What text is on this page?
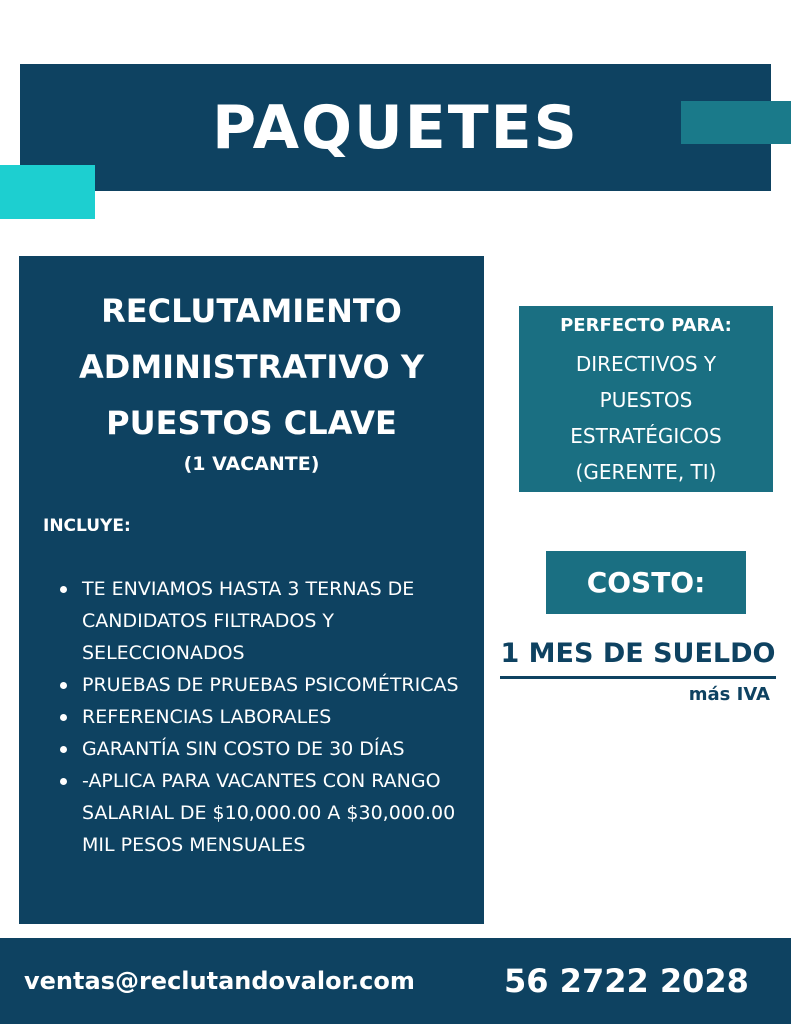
PAQUETES
RECLUTAMIENTO
ADMINISTRATIVO Y
PUESTOS CLAVE
(1 VACANTE)
INCLUYE:
TE ENVIAMOS HASTA 3 TERNAS DE CANDIDATOS FILTRADOS Y SELECCIONADOS
PRUEBAS DE PRUEBAS PSICOMÉTRICAS
REFERENCIAS LABORALES
GARANTÍA SIN COSTO DE 30 DÍAS
-APLICA PARA VACANTES CON RANGO SALARIAL DE $10,000.00 A $30,000.00 MIL PESOS MENSUALES
PERFECTO PARA:
DIRECTIVOS Y
PUESTOS
ESTRATÉGICOS
(GERENTE, TI)
COSTO:
1 MES DE SUELDO
más IVA
ventas@reclutandovalor.com	56 2722 2028
